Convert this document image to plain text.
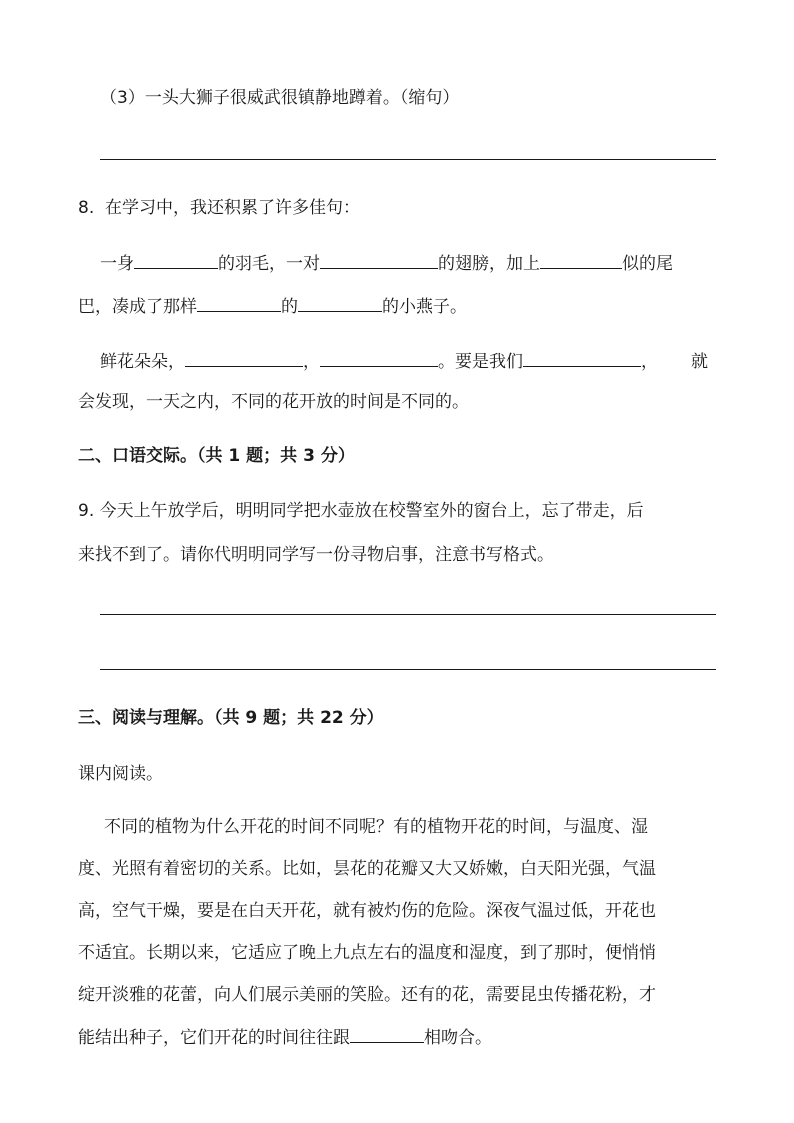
（3）一头大狮子很威武很镇静地蹲着。（缩句）
8. 在学习中，我还积累了许多佳句：
一身	的羽毛，一对	的翅膀，加上	似的尾
巴，凑成了那样	的	的小燕子。
鲜花朵朵，	，	。要是我们	， 就
会发现，一天之内，不同的花开放的时间是不同的。
二、口语交际。（共 1 题；共 3 分）
9. 今天上午放学后，明明同学把水壶放在校警室外的窗台上，忘了带走，后
来找不到了。请你代明明同学写一份寻物启事，注意书写格式。
三、阅读与理解。（共 9 题；共 22 分）
课内阅读。
不同的植物为什么开花的时间不同呢？有的植物开花的时间，与温度、湿
度、光照有着密切的关系。比如，昙花的花瓣又大又娇嫩，白天阳光强，气温
高，空气干燥，要是在白天开花，就有被灼伤的危险。深夜气温过低，开花也
不适宜。长期以来，它适应了晚上九点左右的温度和湿度，到了那时，便悄悄
绽开淡雅的花蕾，向人们展示美丽的笑脸。还有的花，需要昆虫传播花粉，才
能结出种子，它们开花的时间往往跟	相吻合。
